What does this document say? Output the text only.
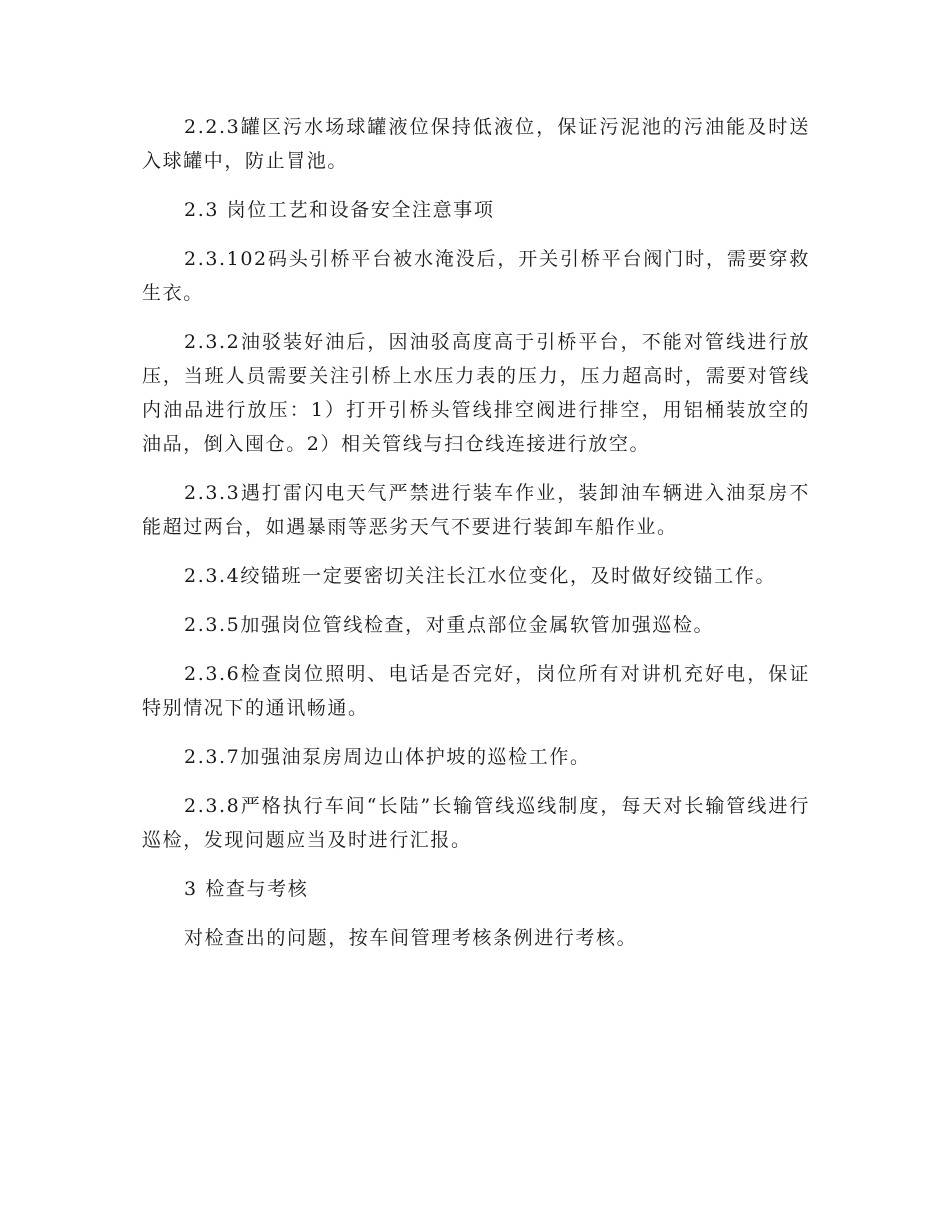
2.2.3罐区污水场球罐液位保持低液位，保证污泥池的污油能及时送入球罐中，防止冒池。

2.3 岗位工艺和设备安全注意事项

2.3.102码头引桥平台被水淹没后，开关引桥平台阀门时，需要穿救生衣。

2.3.2油驳装好油后，因油驳高度高于引桥平台，不能对管线进行放压，当班人员需要关注引桥上水压力表的压力，压力超高时，需要对管线内油品进行放压：1）打开引桥头管线排空阀进行排空，用铝桶装放空的油品，倒入囤仓。2）相关管线与扫仓线连接进行放空。

2.3.3遇打雷闪电天气严禁进行装车作业，装卸油车辆进入油泵房不能超过两台，如遇暴雨等恶劣天气不要进行装卸车船作业。

2.3.4绞锚班一定要密切关注长江水位变化，及时做好绞锚工作。

2.3.5加强岗位管线检查，对重点部位金属软管加强巡检。

2.3.6检查岗位照明、电话是否完好，岗位所有对讲机充好电，保证特别情况下的通讯畅通。

2.3.7加强油泵房周边山体护坡的巡检工作。

2.3.8严格执行车间“长陆”长输管线巡线制度，每天对长输管线进行巡检，发现问题应当及时进行汇报。

3 检查与考核

对检查出的问题，按车间管理考核条例进行考核。
